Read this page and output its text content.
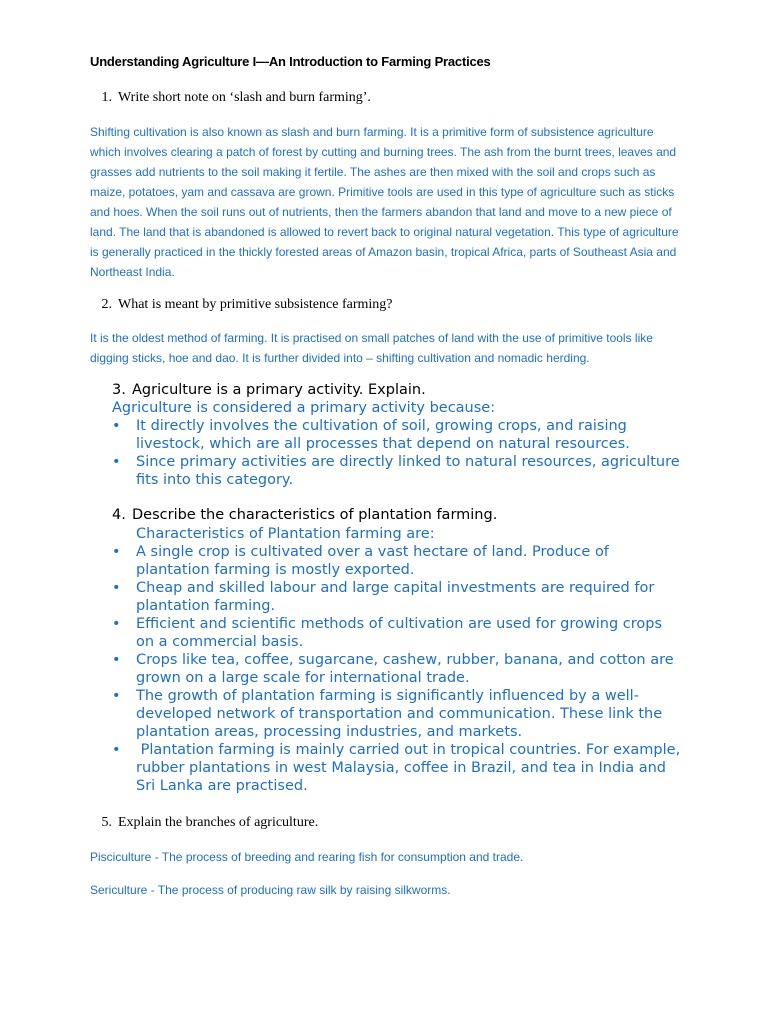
Understanding Agriculture I—An Introduction to Farming Practices
1. Write short note on ‘slash and burn farming’.
Shifting cultivation is also known as slash and burn farming. It is a primitive form of subsistence agriculture which involves clearing a patch of forest by cutting and burning trees. The ash from the burnt trees, leaves and grasses add nutrients to the soil making it fertile. The ashes are then mixed with the soil and crops such as maize, potatoes, yam and cassava are grown. Primitive tools are used in this type of agriculture such as sticks and hoes. When the soil runs out of nutrients, then the farmers abandon that land and move to a new piece of land. The land that is abandoned is allowed to revert back to original natural vegetation. This type of agriculture is generally practiced in the thickly forested areas of Amazon basin, tropical Africa, parts of Southeast Asia and Northeast India.
2. What is meant by primitive subsistence farming?
It is the oldest method of farming. It is practised on small patches of land with the use of primitive tools like digging sticks, hoe and dao. It is further divided into – shifting cultivation and nomadic herding.
3. Agriculture is a primary activity. Explain.
Agriculture is considered a primary activity because:
• It directly involves the cultivation of soil, growing crops, and raising livestock, which are all processes that depend on natural resources.
• Since primary activities are directly linked to natural resources, agriculture fits into this category.
4. Describe the characteristics of plantation farming.
Characteristics of Plantation farming are:
• A single crop is cultivated over a vast hectare of land. Produce of plantation farming is mostly exported.
• Cheap and skilled labour and large capital investments are required for plantation farming.
• Efficient and scientific methods of cultivation are used for growing crops on a commercial basis.
• Crops like tea, coffee, sugarcane, cashew, rubber, banana, and cotton are grown on a large scale for international trade.
• The growth of plantation farming is significantly influenced by a well-developed network of transportation and communication. These link the plantation areas, processing industries, and markets.
• Plantation farming is mainly carried out in tropical countries. For example, rubber plantations in west Malaysia, coffee in Brazil, and tea in India and Sri Lanka are practised.
5. Explain the branches of agriculture.
Pisciculture - The process of breeding and rearing fish for consumption and trade.
Sericulture - The process of producing raw silk by raising silkworms.
